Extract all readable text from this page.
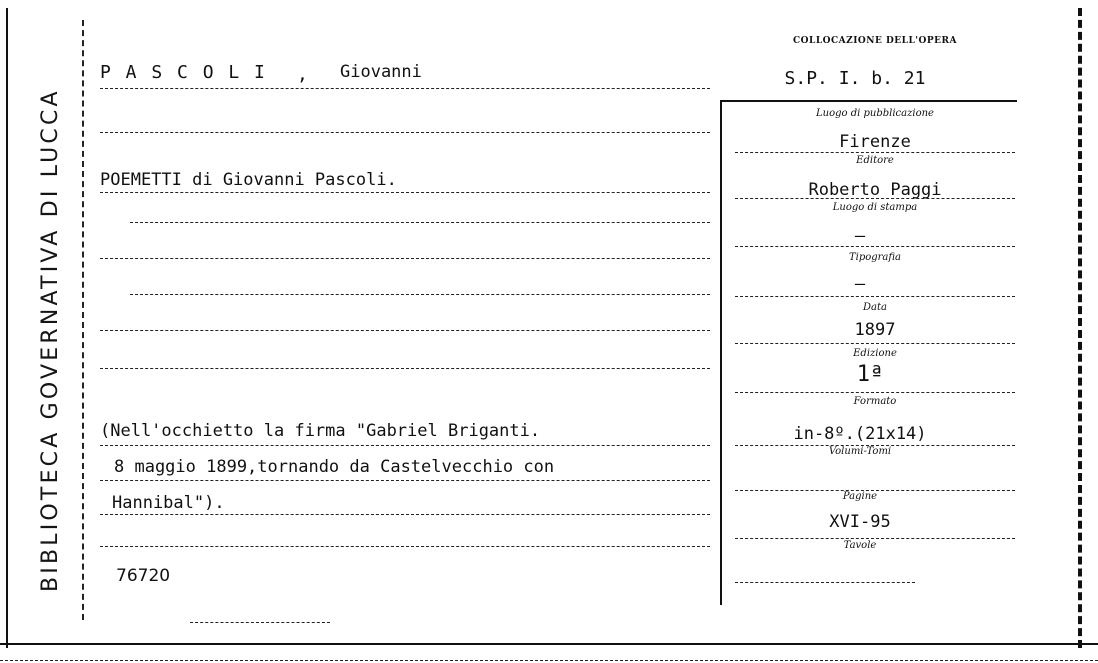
BIBLIOTECA GOVERNATIVA DI LUCCA
P A S C O L I , Giovanni
POEMETTI di Giovanni Pascoli.
(Nell'occhietto la firma "Gabriel Briganti.
8 maggio 1899,tornando da Castelvecchio con
Hannibal").
76720
COLLOCAZIONE DELL'OPERA
S.P. I. b. 21
Luogo di pubblicazione
Firenze
Editore
Roberto Paggi
Luogo di stampa
–
Tipografia
–
Data
1897
Edizione
1ª
Formato
in-8º.(21x14)
Volumi-Tomi
Pagine
XVI-95
Tavole
